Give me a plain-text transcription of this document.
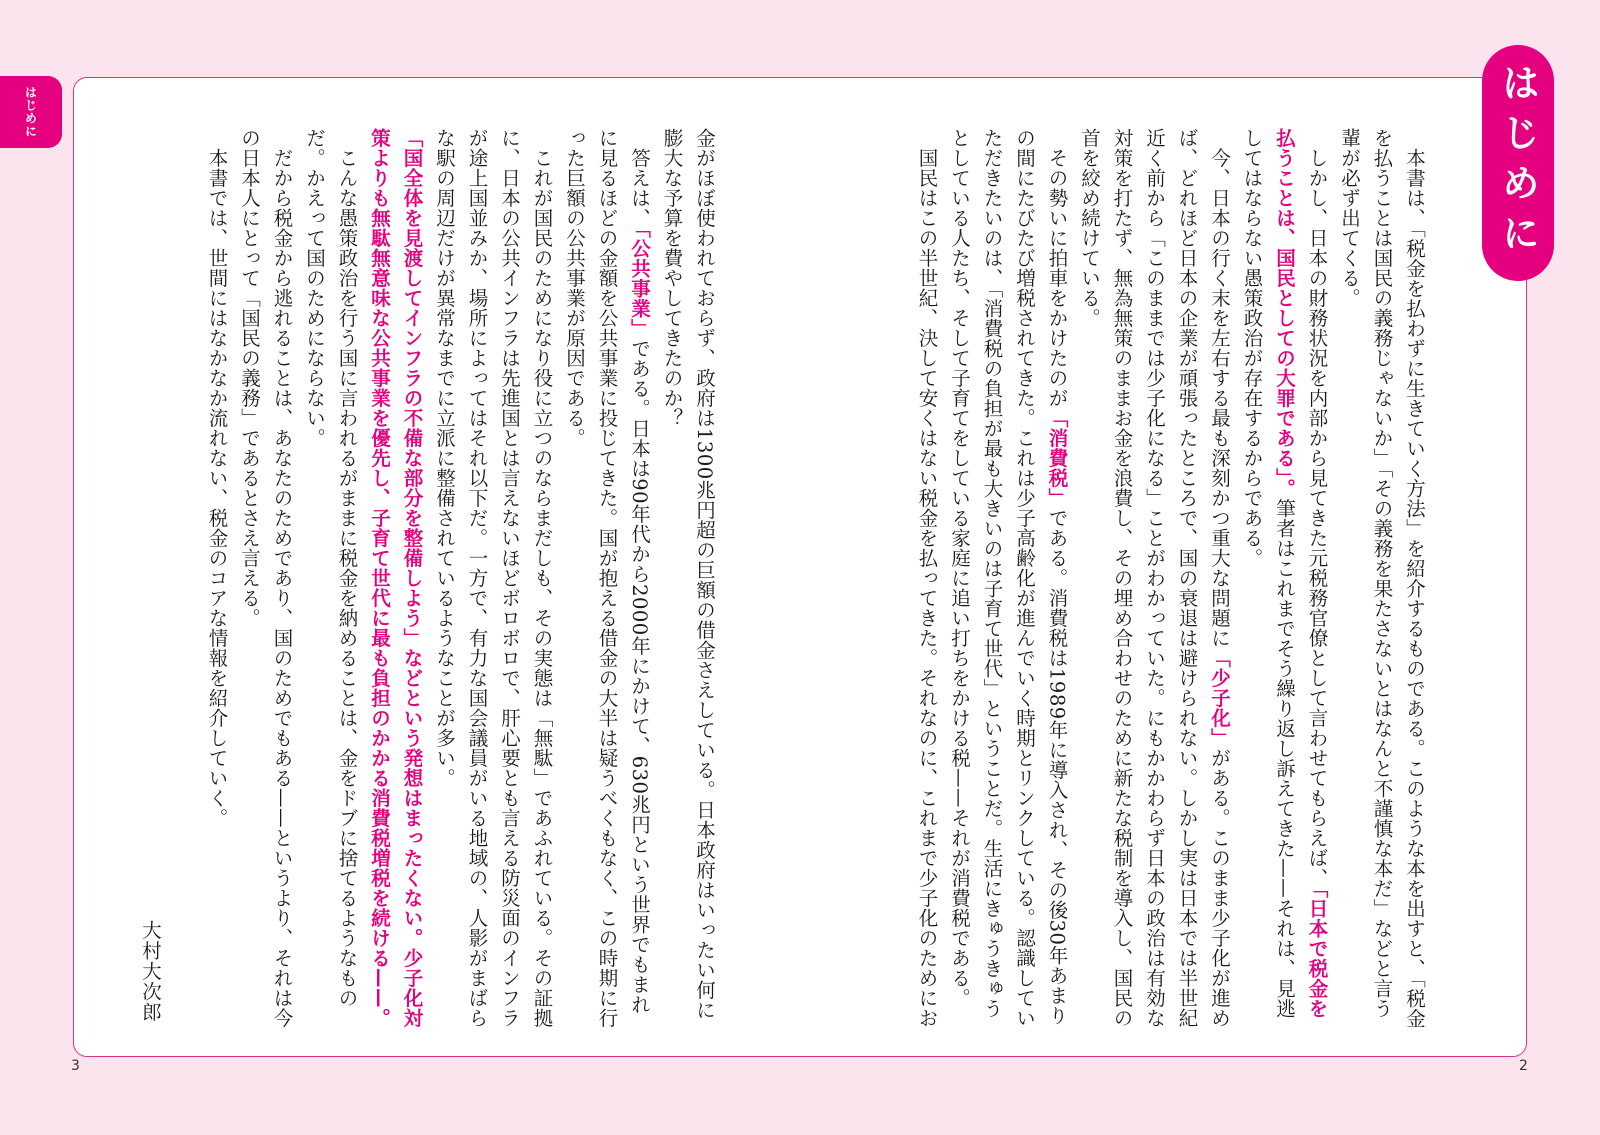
はじめに	はじめに

本書は、「税金を払わずに生きていく方法」を紹介するものである。このような本を出すと、「税金を払うことは国民の義務じゃないか」「その義務を果たさないとはなんと不謹慎な本だ」などと言う輩が必ず出てくる。

しかし、日本の財務状況を内部から見てきた元税務官僚として言わせてもらえば、「日本で税金を払うことは、国民としての大罪である」。筆者はこれまでそう繰り返し訴えてきた——それは、見逃してはならない愚策政治が存在するからである。

今、日本の行く末を左右する最も深刻かつ重大な問題に「少子化」がある。このまま少子化が進めば、どれほど日本の企業が頑張ったところで、国の衰退は避けられない。しかし実は日本では半世紀近く前から「このままでは少子化になる」ことがわかっていた。にもかかわらず日本の政治は有効な対策を打たず、無為無策のままお金を浪費し、その埋め合わせのために新たな税制を導入し、国民の首を絞め続けている。

その勢いに拍車をかけたのが「消費税」である。消費税は1989年に導入され、その後30年あまりの間にたびたび増税されてきた。これは少子高齢化が進んでいく時期とリンクしている。認識していただきたいのは、「消費税の負担が最も大きいのは子育て世代」ということだ。生活にきゅうきゅうとしている人たち、そして子育てをしている家庭に追い打ちをかける税——それが消費税である。

国民はこの半世紀、決して安くはない税金を払ってきた。それなのに、これまで少子化のためにお

金がほぼ使われておらず、政府は1300兆円超の巨額の借金さえしている。日本政府はいったい何に膨大な予算を費やしてきたのか？

答えは、「公共事業」である。日本は90年代から2000年にかけて、630兆円という世界でもまれに見るほどの金額を公共事業に投じてきた。国が抱える借金の大半は疑うべくもなく、この時期に行った巨額の公共事業が原因である。

これが国民のためになり役に立つのならまだしも、その実態は「無駄」であふれている。その証拠に、日本の公共インフラは先進国とは言えないほどボロボロで、肝心要とも言える防災面のインフラが途上国並みか、場所によってはそれ以下だ。一方で、有力な国会議員がいる地域の、人影がまばらな駅の周辺だけが異常なまでに立派に整備されているようなことが多い。

「国全体を見渡してインフラの不備な部分を整備しよう」などという発想はまったくない。少子化対策よりも無駄無意味な公共事業を優先し、子育て世代に最も負担のかかる消費税増税を続ける——。

こんな愚策政治を行う国に言われるがままに税金を納めることは、金をドブに捨てるようなものだ。かえって国のためにならない。

だから税金から逃れることは、あなたのためであり、国のためでもある——というより、それは今の日本人にとって「国民の義務」であるとさえ言える。

本書では、世間にはなかなか流れない、税金のコアな情報を紹介していく。

大村大次郎
3	2
